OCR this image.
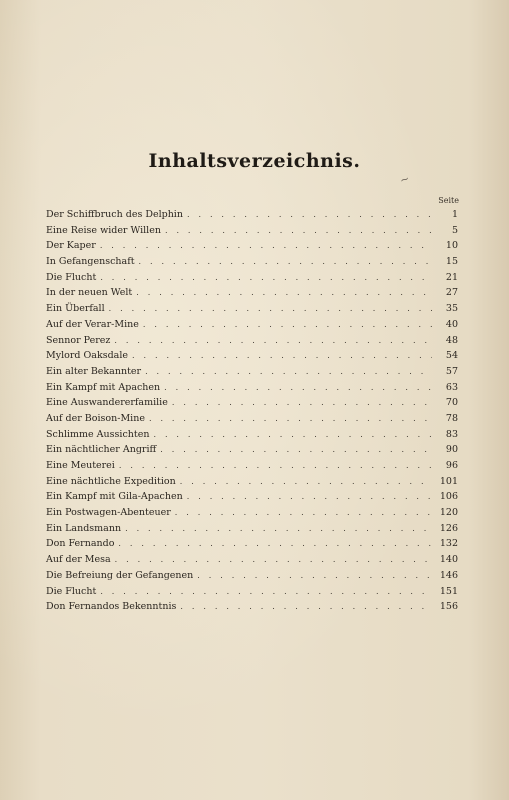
Inhaltsverzeichnis.
~
Seite
Der Schiffbruch des Delphin . . .	1
Eine Reise wider Willen . . .	5
Der Kaper . . .	10
In Gefangenschaft . . .	15
Die Flucht . . .	21
In der neuen Welt . . .	27
Ein Überfall . . .	35
Auf der Verar-Mine . . .	40
Sennor Perez . . .	48
Mylord Oaksdale . . .	54
Ein alter Bekannter . . .	57
Ein Kampf mit Apachen . . .	63
Eine Auswandererfamilie . . .	70
Auf der Boison-Mine . . .	78
Schlimme Aussichten . . .	83
Ein nächtlicher Angriff . . .	90
Eine Meuterei . . .	96
Eine nächtliche Expedition . . .	101
Ein Kampf mit Gila-Apachen . . .	106
Ein Postwagen-Abenteuer . . .	120
Ein Landsmann . . .	126
Don Fernando . . .	132
Auf der Mesa . . .	140
Die Befreiung der Gefangenen . . .	146
Die Flucht . . .	151
Don Fernandos Bekenntnis . . .	156
